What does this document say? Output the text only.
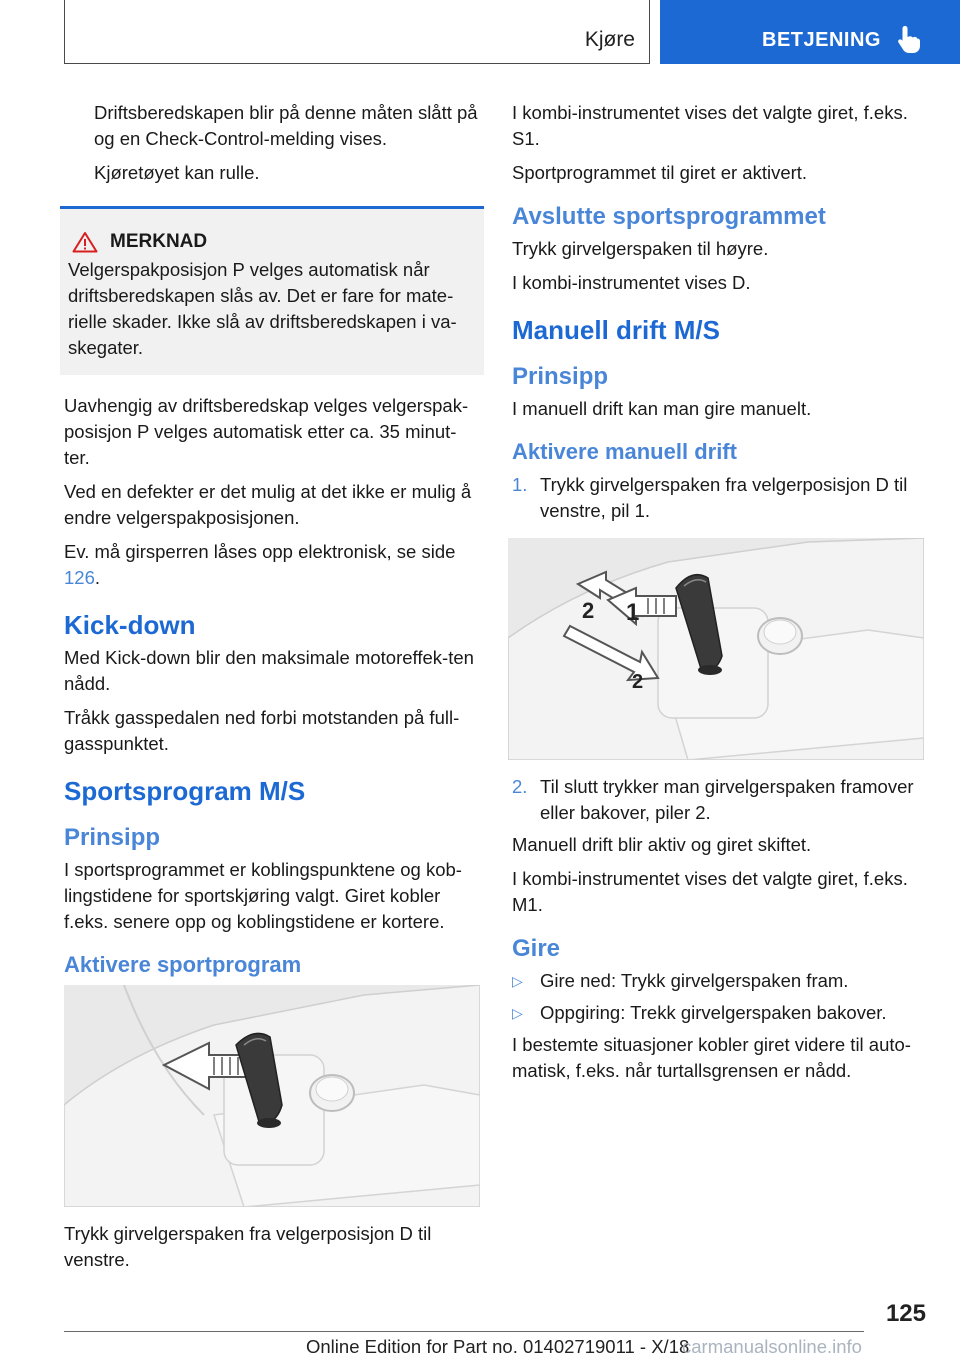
Kjøre	BETJENING

Driftsberedskapen blir på denne måten slått på og en Check-Control-melding vises.

Kjøretøyet kan rulle.

MERKNAD

Velgerspakposisjon P velges automatisk når driftsberedskapen slås av. Det er fare for mate-rielle skader. Ikke slå av driftsberedskapen i va-skegater.

Uavhengig av driftsberedskap velges velgerspak-posisjon P velges automatisk etter ca. 35 minut-ter.

Ved en defekter er det mulig at det ikke er mulig å endre velgerspakposisjonen.

Ev. må girsperren låses opp elektronisk, se side 126.

Kick-down

Med Kick-down blir den maksimale motoreffek-ten nådd.

Tråkk gasspedalen ned forbi motstanden på full-gasspunktet.

Sportsprogram M/S
Prinsipp

I sportsprogrammet er koblingspunktene og kob-lingstidene for sportskjøring valgt. Giret kobler f.eks. senere opp og koblingstidene er kortere.

Aktivere sportprogram

Trykk girvelgerspaken fra velgerposisjon D til venstre.

I kombi-instrumentet vises det valgte giret, f.eks. S1.

Sportprogrammet til giret er aktivert.

Avslutte sportsprogrammet

Trykk girvelgerspaken til høyre.

I kombi-instrumentet vises D.

Manuell drift M/S
Prinsipp

I manuell drift kan man gire manuelt.

Aktivere manuell drift
1. Trykk girvelgerspaken fra velgerposisjon D til venstre, pil 1.
2 1
2
2. Til slutt trykker man girvelgerspaken framover eller bakover, piler 2.

Manuell drift blir aktiv og giret skiftet.

I kombi-instrumentet vises det valgte giret, f.eks. M1.

Gire
▷ Gire ned: Trykk girvelgerspaken fram.
▷ Oppgiring: Trekk girvelgerspaken bakover.

I bestemte situasjoner kobler giret videre til auto-matisk, f.eks. når turtallsgrensen er nådd.

125
Online Edition for Part no. 01402719011 - X/18
carmanualsonline.info
